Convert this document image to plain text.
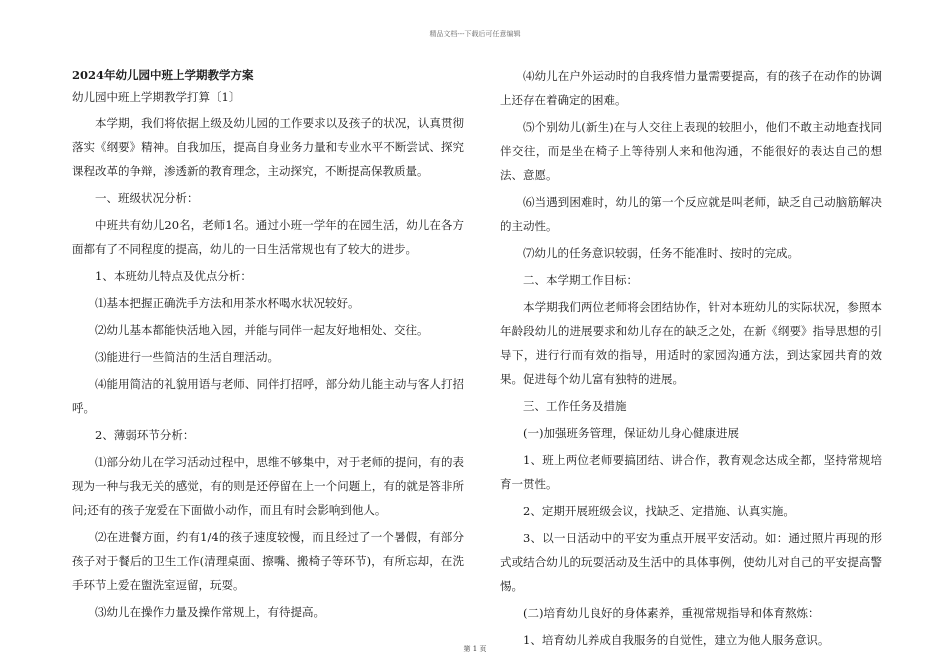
精品文档---下载后可任意编辑

2024年幼儿园中班上学期教学方案

幼儿园中班上学期教学打算〔1〕

本学期，我们将依据上级及幼儿园的工作要求以及孩子的状况，认真贯彻落实《纲要》精神。自我加压，提高自身业务力量和专业水平不断尝试、探究课程改革的争辩，渗透新的教育理念，主动探究，不断提高保教质量。

一、班级状况分析：

中班共有幼儿20名，老师1名。通过小班一学年的在园生活，幼儿在各方面都有了不同程度的提高，幼儿的一日生活常规也有了较大的进步。

1、本班幼儿特点及优点分析：

⑴基本把握正确洗手方法和用茶水杯喝水状况较好。

⑵幼儿基本都能快活地入园，并能与同伴一起友好地相处、交往。

⑶能进行一些简洁的生活自理活动。

⑷能用简洁的礼貌用语与老师、同伴打招呼，部分幼儿能主动与客人打招呼。

2、薄弱环节分析：

⑴部分幼儿在学习活动过程中，思维不够集中，对于老师的提问，有的表现为一种与我无关的感觉，有的则是还停留在上一个问题上，有的就是答非所问;还有的孩子宠爱在下面做小动作，而且有时会影响到他人。

⑵在进餐方面，约有1/4的孩子速度较慢，而且经过了一个暑假，有部分孩子对于餐后的卫生工作(清理桌面、擦嘴、搬椅子等环节)，有所忘却，在洗手环节上爱在盥洗室逗留，玩耍。

⑶幼儿在操作力量及操作常规上，有待提高。

⑷幼儿在户外运动时的自我疼惜力量需要提高，有的孩子在动作的协调上还存在着确定的困难。

⑸个别幼儿(新生)在与人交往上表现的较胆小，他们不敢主动地查找同伴交往，而是坐在椅子上等待别人来和他沟通，不能很好的表达自己的想法、意愿。

⑹当遇到困难时，幼儿的第一个反应就是叫老师，缺乏自己动脑筋解决的主动性。

⑺幼儿的任务意识较弱，任务不能准时、按时的完成。

二、本学期工作目标：

本学期我们两位老师将会团结协作，针对本班幼儿的实际状况，参照本年龄段幼儿的进展要求和幼儿存在的缺乏之处，在新《纲要》指导思想的引导下，进行行而有效的指导，用适时的家园沟通方法，到达家园共育的效果。促进每个幼儿富有独特的进展。

三、工作任务及措施

(一)加强班务管理，保证幼儿身心健康进展

1、班上两位老师要搞团结、讲合作，教育观念达成全都，坚持常规培育一贯性。

2、定期开展班级会议，找缺乏、定措施、认真实施。

3、以一日活动中的平安为重点开展平安活动。如：通过照片再现的形式或结合幼儿的玩耍活动及生活中的具体事例，使幼儿对自己的平安提高警惕。

(二)培育幼儿良好的身体素养，重视常规指导和体育熬炼：

1、培育幼儿养成自我服务的自觉性，建立为他人服务意识。

第 1 页
